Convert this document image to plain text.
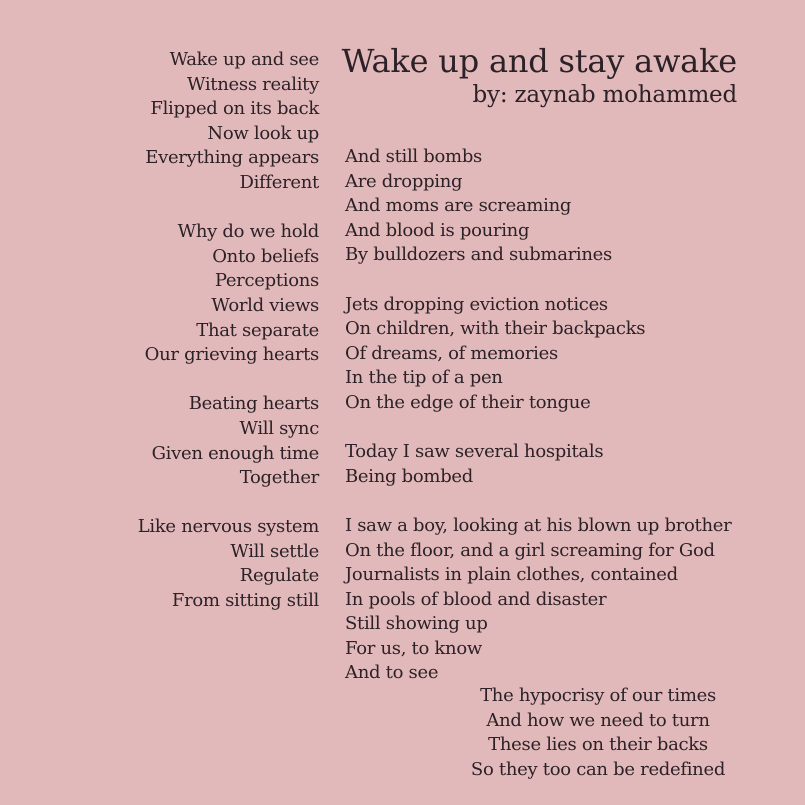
Wake up and stay awake
by: zaynab mohammed
Wake up and see
Witness reality
Flipped on its back
Now look up
Everything appears
Different
Why do we hold
Onto beliefs
Perceptions
World views
That separate
Our grieving hearts
Beating hearts
Will sync
Given enough time
Together
Like nervous system
Will settle
Regulate
From sitting still
And still bombs
Are dropping
And moms are screaming
And blood is pouring
By bulldozers and submarines
Jets dropping eviction notices
On children, with their backpacks
Of dreams, of memories
In the tip of a pen
On the edge of their tongue
Today I saw several hospitals
Being bombed
I saw a boy, looking at his blown up brother
On the floor, and a girl screaming for God
Journalists in plain clothes, contained
In pools of blood and disaster
Still showing up
For us, to know
And to see
The hypocrisy of our times
And how we need to turn
These lies on their backs
So they too can be redefined
